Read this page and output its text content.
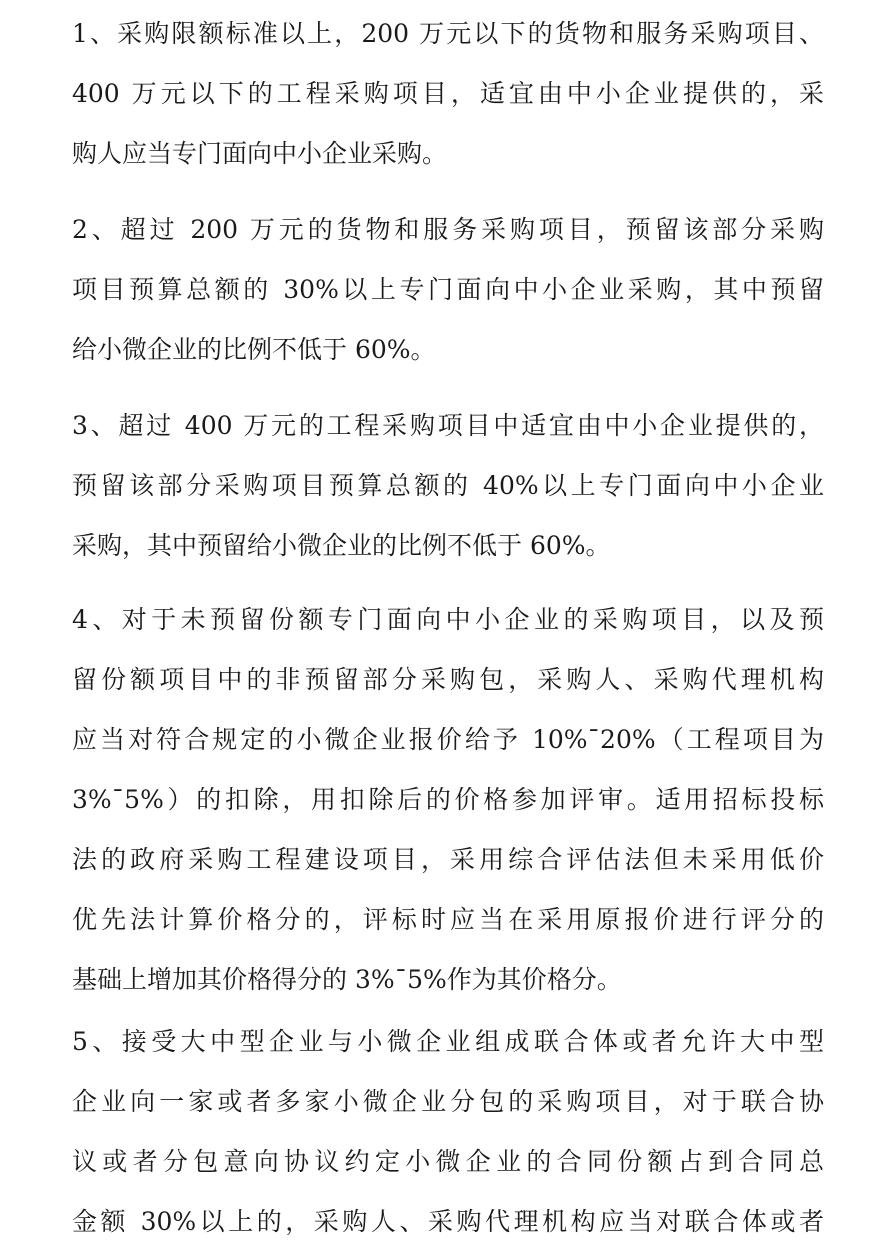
1、采购限额标准以上，200 万元以下的货物和服务采购项目、
400 万元以下的工程采购项目，适宜由中小企业提供的，采
购人应当专门面向中小企业采购。
2、超过 200 万元的货物和服务采购项目，预留该部分采购
项目预算总额的 30%以上专门面向中小企业采购，其中预留
给小微企业的比例不低于 60%。
3、超过 400 万元的工程采购项目中适宜由中小企业提供的，
预留该部分采购项目预算总额的 40%以上专门面向中小企业
采购，其中预留给小微企业的比例不低于 60%。
4、对于未预留份额专门面向中小企业的采购项目，以及预
留份额项目中的非预留部分采购包，采购人、采购代理机构
应当对符合规定的小微企业报价给予 10%¯20%（工程项目为
3%¯5%）的扣除，用扣除后的价格参加评审。适用招标投标
法的政府采购工程建设项目，采用综合评估法但未采用低价
优先法计算价格分的，评标时应当在采用原报价进行评分的
基础上增加其价格得分的 3%¯5%作为其价格分。
5、接受大中型企业与小微企业组成联合体或者允许大中型
企业向一家或者多家小微企业分包的采购项目，对于联合协
议或者分包意向协议约定小微企业的合同份额占到合同总
金额 30%以上的，采购人、采购代理机构应当对联合体或者
